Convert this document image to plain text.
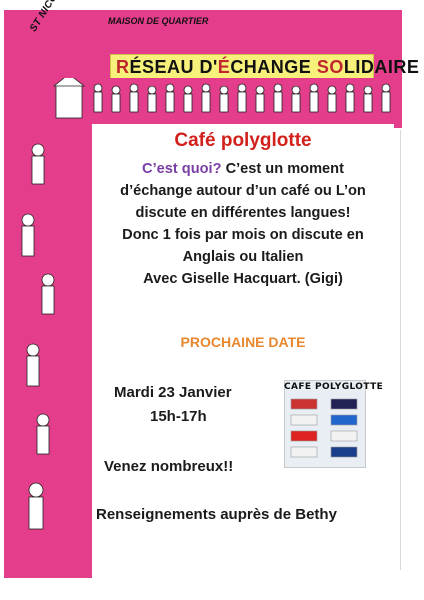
MAISON DE QUARTIER
RÉSEAU D'ÉCHANGE SOLIDAIRE
Café polyglotte
C’est quoi? C’est un moment
d’échange autour d’un café ou L’on
discute en différentes langues!
Donc 1 fois par mois on discute en
Anglais ou Italien
Avec Giselle Hacquart. (Gigi)
PROCHAINE DATE
Mardi 23 Janvier
15h-17h
Venez nombreux!!
Renseignements auprès de Bethy
CAFE POLYGLOTTE
